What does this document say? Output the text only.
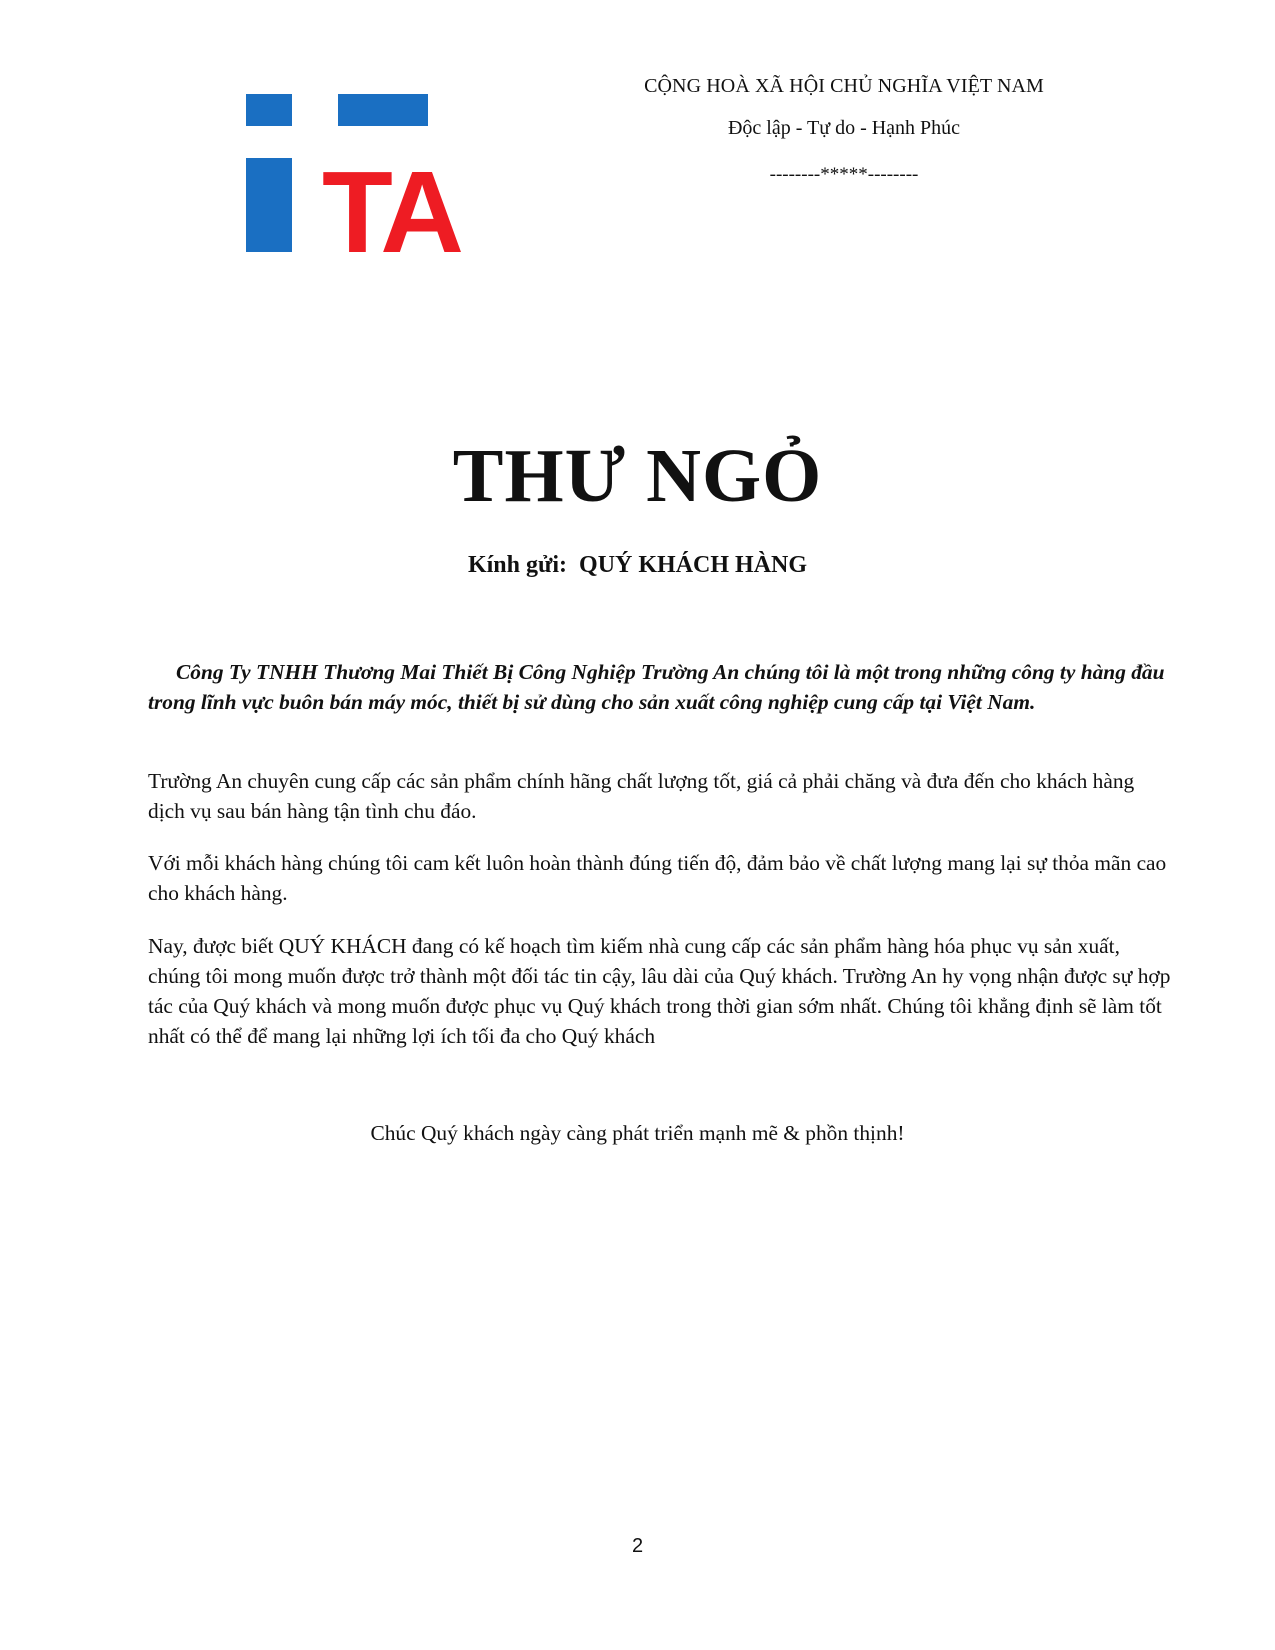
TA
CỘNG HOÀ XÃ HỘI CHỦ NGHĨA VIỆT NAM
Độc lập - Tự do - Hạnh Phúc
--------*****--------
THƯ NGỎ
Kính gửi:  QUÝ KHÁCH HÀNG
Công Ty TNHH Thương Mai Thiết Bị Công Nghiệp Trường An chúng tôi là một trong những công ty hàng đầu trong lĩnh vực buôn bán máy móc, thiết bị sử dùng cho sản xuất công nghiệp cung cấp tại Việt Nam.
Trường An chuyên cung cấp các sản phẩm chính hãng chất lượng tốt, giá cả phải chăng và đưa đến cho khách hàng dịch vụ sau bán hàng tận tình chu đáo.
Với mỗi khách hàng chúng tôi cam kết luôn hoàn thành đúng tiến độ, đảm bảo về chất lượng mang lại sự thỏa mãn cao cho khách hàng.
Nay, được biết QUÝ KHÁCH đang có kế hoạch tìm kiếm nhà cung cấp các sản phẩm hàng hóa phục vụ sản xuất, chúng tôi mong muốn được trở thành một đối tác tin cậy, lâu dài của Quý khách. Trường An hy vọng nhận được sự hợp tác của Quý khách và mong muốn được phục vụ Quý khách trong thời gian sớm nhất. Chúng tôi khẳng định sẽ làm tốt nhất có thể để mang lại những lợi ích tối đa cho Quý khách
Chúc Quý khách ngày càng phát triển mạnh mẽ & phồn thịnh!
2
